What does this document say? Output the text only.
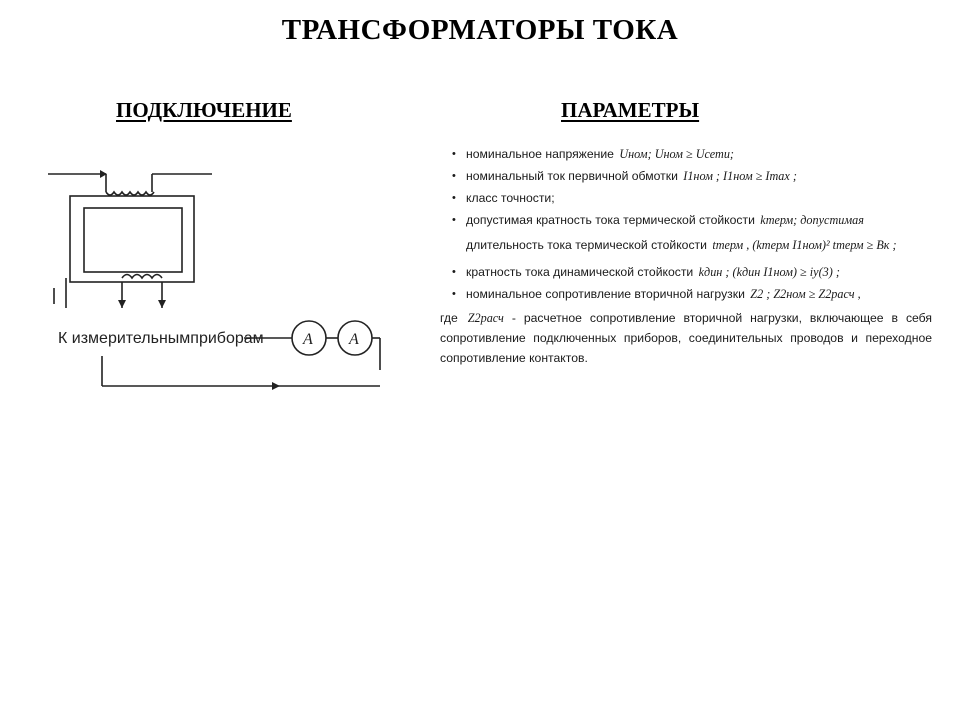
ТРАНСФОРМАТОРЫ ТОКА
ПОДКЛЮЧЕНИЕ	ПАРАМЕТРЫ
К измерительнымприборам A A
• номинальное напряжение Uном; Uном ≥ Uсети;
• номинальный ток первичной обмотки I1ном ; I1ном ≥ Imax ;
• класс точности;
• допустимая кратность тока термической стойкости kтерм; допустимая
длительность тока термической стойкости tтерм , (kтерм I1ном)² tтерм ≥ Bк ;
• кратность тока динамической стойкости kдин ; (kдин I1ном) ≥ iу(3) ;
• номинальное сопротивление вторичной нагрузки Z2 ; Z2ном ≥ Z2расч ,
где Z2расч - расчетное сопротивление вторичной нагрузки, включающее в себя сопротивление подключенных приборов, соединительных проводов и переходное сопротивление контактов.
